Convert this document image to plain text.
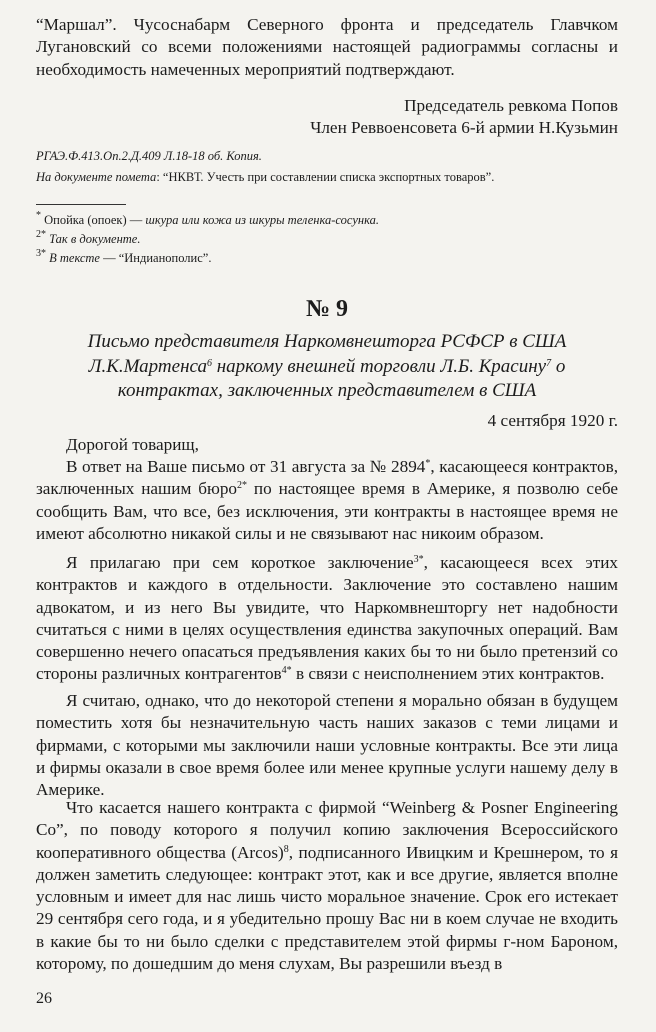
“Маршал”. Чусоснабарм Северного фронта и председатель Главчком Лугановский со всеми положениями настоящей радиограммы согласны и необходимость намеченных мероприятий подтверждают.

Председатель ревкома Попов

Член Реввоенсовета 6-й армии Н.Кузьмин

РГАЭ.Ф.413.Оп.2.Д.409 Л.18-18 об. Копия.

На документе помета: “НКВТ. Учесть при составлении списка экспортных товаров”.

* Опойка (опоек) — шкура или кожа из шкуры теленка-сосунка.

$^{2*}$ Так в документе.

$^{3*}$ В тексте — “Индианополис”.

№ 9

Письмо представителя Наркомвнешторга РСФСР в США Л.К.Мартенса$^6$ наркому внешней торговли Л.Б. Красину$^7$ о контрактах, заключенных представителем в США

4 сентября 1920 г.

Дорогой товарищ,

В ответ на Ваше письмо от 31 августа за № 2894*, касающееся контрактов, заключенных нашим бюро$^{2*}$ по настоящее время в Америке, я позволю себе сообщить Вам, что все, без исключения, эти контракты в настоящее время не имеют абсолютно никакой силы и не связывают нас никоим образом.

Я прилагаю при сем короткое заключение$^{3*}$, касающееся всех этих контрактов и каждого в отдельности. Заключение это составлено нашим адвокатом, и из него Вы увидите, что Наркомвнешторгу нет надобности считаться с ними в целях осуществления единства закупочных операций. Вам совершенно нечего опасаться предъявления каких бы то ни было претензий со стороны различных контрагентов$^{4*}$ в связи с неисполнением этих контрактов.

Я считаю, однако, что до некоторой степени я морально обязан в будущем поместить хотя бы незначительную часть наших заказов с теми лицами и фирмами, с которыми мы заключили наши условные контракты. Все эти лица и фирмы оказали в свое время более или менее крупные услуги нашему делу в Америке.

Что касается нашего контракта с фирмой “Weinberg & Posner Engineering Co”, по поводу которого я получил копию заключения Всероссийского кооперативного общества $(Arcos)^8$, подписанного Ивицким и Крешнером, то я должен заметить следующее: контракт этот, как и все другие, является вполне условным и имеет для нас лишь чисто моральное значение. Срок его истекает 29 сентября сего года, и я убедительно прошу Вас ни в коем случае не входить в какие бы то ни было сделки с представителем этой фирмы г-ном Бароном, которому, по дошедшим до меня слухам, Вы разрешили въезд в

26
